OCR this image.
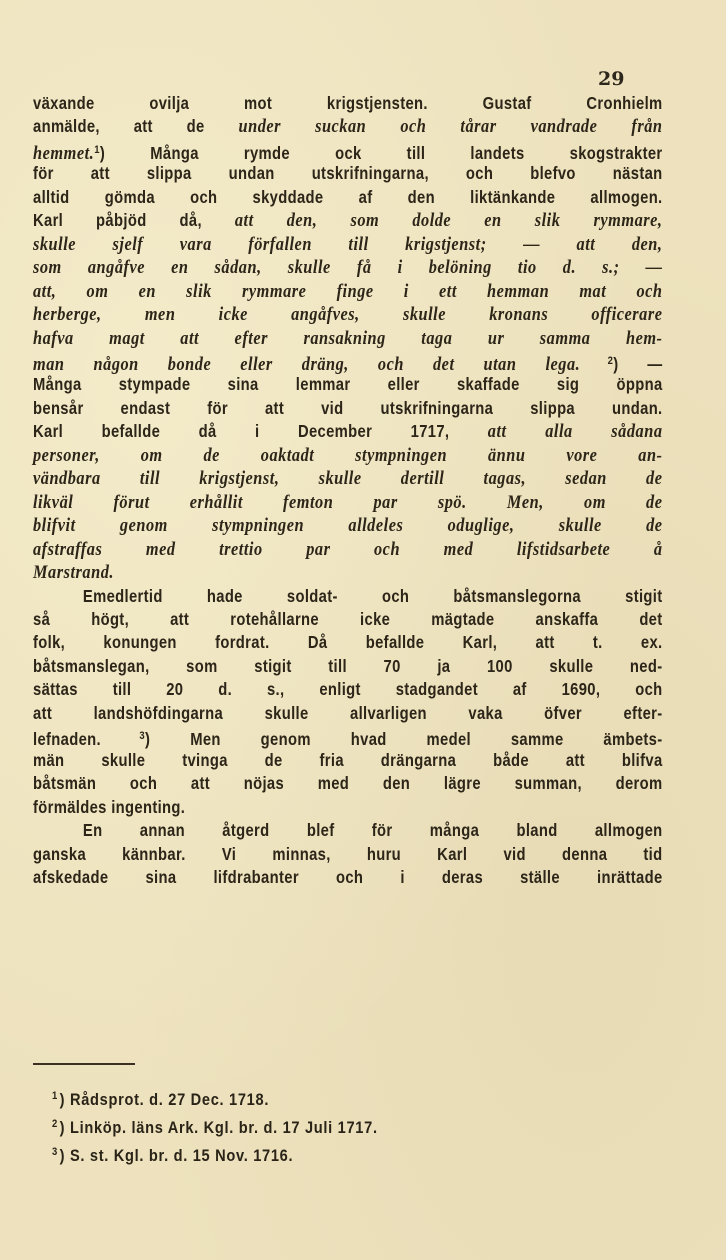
29
växande ovilja mot krigstjensten. Gustaf Cronhielm
anmälde, att de under suckan och tårar vandrade från
hemmet.$^1$) Många rymde ock till landets skogstrakter
för att slippa undan utskrifningarna, och blefvo nästan
alltid gömda och skyddade af den liktänkande allmogen.
Karl påbjöd då, att den, som dolde en slik rymmare,
skulle sjelf vara förfallen till krigstjenst; — att den,
som angåfve en sådan, skulle få i belöning tio d. s.; —
att, om en slik rymmare finge i ett hemman mat och
herberge, men icke angåfves, skulle kronans officerare
hafva magt att efter ransakning taga ur samma hem-
man någon bonde eller dräng, och det utan lega. $^2$) —
Många stympade sina lemmar eller skaffade sig öppna
bensår endast för att vid utskrifningarna slippa undan.
Karl befallde då i December 1717, att alla sådana
personer, om de oaktadt stympningen ännu vore an-
vändbara till krigstjenst, skulle dertill tagas, sedan de
likväl förut erhållit femton par spö. Men, om de
blifvit genom stympningen alldeles oduglige, skulle de
afstraffas med trettio par och med lifstidsarbete å
Marstrand.
Emedlertid hade soldat- och båtsmanslegorna stigit
så högt, att rotehållarne icke mägtade anskaffa det
folk, konungen fordrat. Då befallde Karl, att t. ex.
båtsmanslegan, som stigit till 70 ja 100 skulle ned-
sättas till 20 d. s., enligt stadgandet af 1690, och
att landshöfdingarna skulle allvarligen vaka öfver efter-
lefnaden. $^3$) Men genom hvad medel samme ämbets-
män skulle tvinga de fria drängarna både att blifva
båtsmän och att nöjas med den lägre summan, derom
förmäldes ingenting.
En annan åtgerd blef för många bland allmogen
ganska kännbar. Vi minnas, huru Karl vid denna tid
afskedade sina lifdrabanter och i deras ställe inrättade
$^1$ ) Rådsprot. d. 27 Dec. 1718.
$^2$ ) Linköp. läns Ark. Kgl. br. d. 17 Juli 1717.
$^3$ ) S. st. Kgl. br. d. 15 Nov. 1716.
